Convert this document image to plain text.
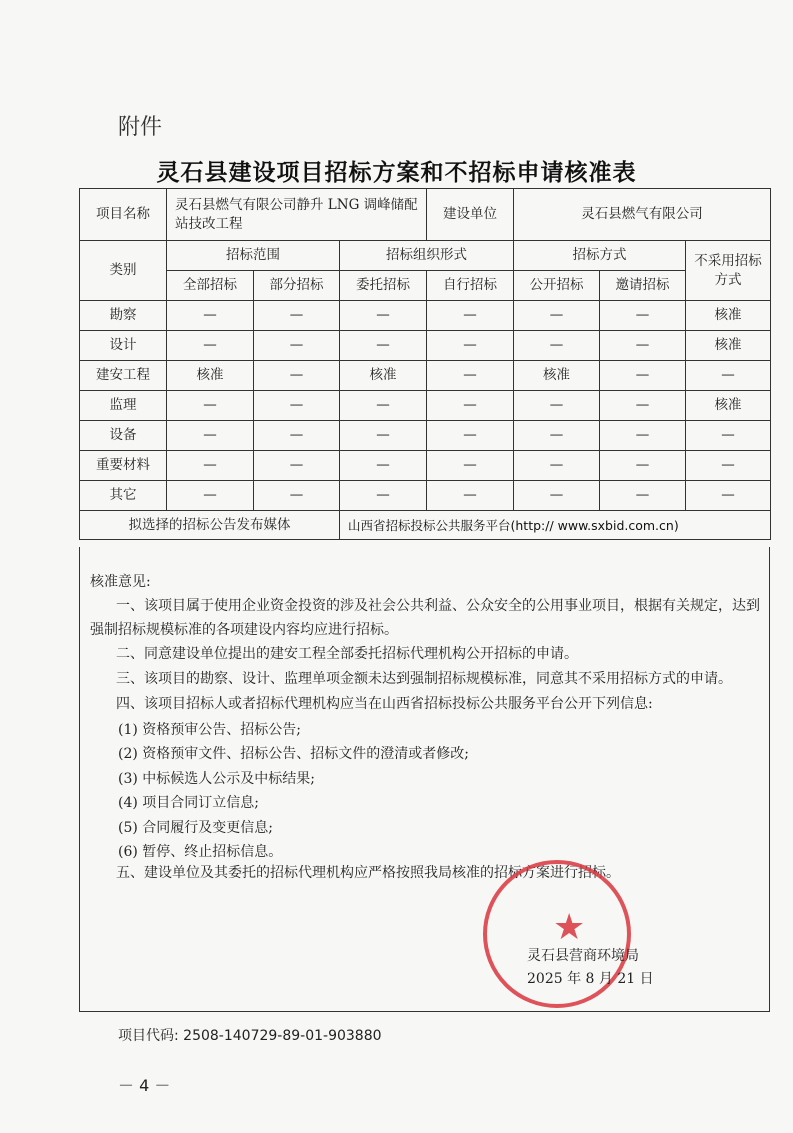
附件
灵石县建设项目招标方案和不招标申请核准表
项目名称	灵石县燃气有限公司静升 LNG 调峰储配站技改工程			建设单位	灵石县燃气有限公司		
类别	招标范围		招标组织形式		招标方式		不采用招标方式
	全部招标	部分招标	委托招标	自行招标	公开招标	邀请招标	
勘察	—	—	—	—	—	—	核准
设计	—	—	—	—	—	—	核准
建安工程	核准	—	核准	—	核准	—	—
监理	—	—	—	—	—	—	核准
设备	—	—	—	—	—	—	—
重要材料	—	—	—	—	—	—	—
其它	—	—	—	—	—	—	—
拟选择的招标公告发布媒体			山西省招标投标公共服务平台(http:// www.sxbid.com.cn)				
核准意见:
一、该项目属于使用企业资金投资的涉及社会公共利益、公众安全的公用事业项目，根据有关规定，达到强制招标规模标准的各项建设内容均应进行招标。
二、同意建设单位提出的建安工程全部委托招标代理机构公开招标的申请。
三、该项目的勘察、设计、监理单项金额未达到强制招标规模标准，同意其不采用招标方式的申请。
四、该项目招标人或者招标代理机构应当在山西省招标投标公共服务平台公开下列信息:
(1) 资格预审公告、招标公告;
(2) 资格预审文件、招标公告、招标文件的澄清或者修改;
(3) 中标候选人公示及中标结果;
(4) 项目合同订立信息;
(5) 合同履行及变更信息;
(6) 暂停、终止招标信息。
五、建设单位及其委托的招标代理机构应严格按照我局核准的招标方案进行招标。
★
灵石县营商环境局
2025 年 8 月 21 日
项目代码: 2508-140729-89-01-903880
－ 4 －
